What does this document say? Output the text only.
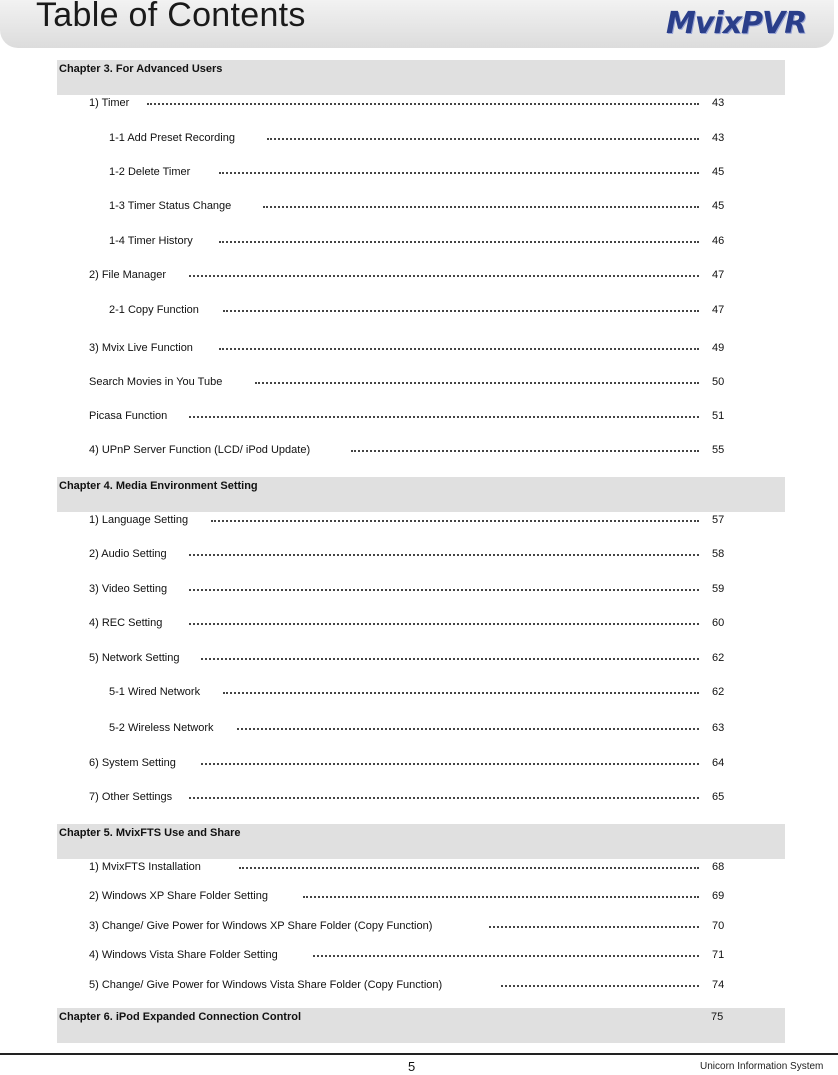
Table of Contents	MvixPVR
Chapter 3. For Advanced Users
1) Timer	43
1-1 Add Preset Recording	43
1-2 Delete Timer	45
1-3 Timer Status Change	45
1-4 Timer History	46
2) File Manager	47
2-1 Copy Function	47
3) Mvix Live Function	49
Search Movies in You Tube	50
Picasa Function	51
4) UPnP Server Function (LCD/ iPod Update)	55
Chapter 4. Media Environment Setting
1) Language Setting	57
2) Audio Setting	58
3) Video Setting	59
4) REC Setting	60
5) Network Setting	62
5-1 Wired Network	62
5-2 Wireless Network	63
6) System Setting	64
7) Other Settings	65
Chapter 5. MvixFTS Use and Share
1) MvixFTS Installation	68
2) Windows XP Share Folder Setting	69
3) Change/ Give Power for Windows XP Share Folder (Copy Function)	70
4) Windows Vista Share Folder Setting	71
5) Change/ Give Power for Windows Vista Share Folder (Copy Function)	74
Chapter 6. iPod Expanded Connection Control	75
5	Unicorn Information System
